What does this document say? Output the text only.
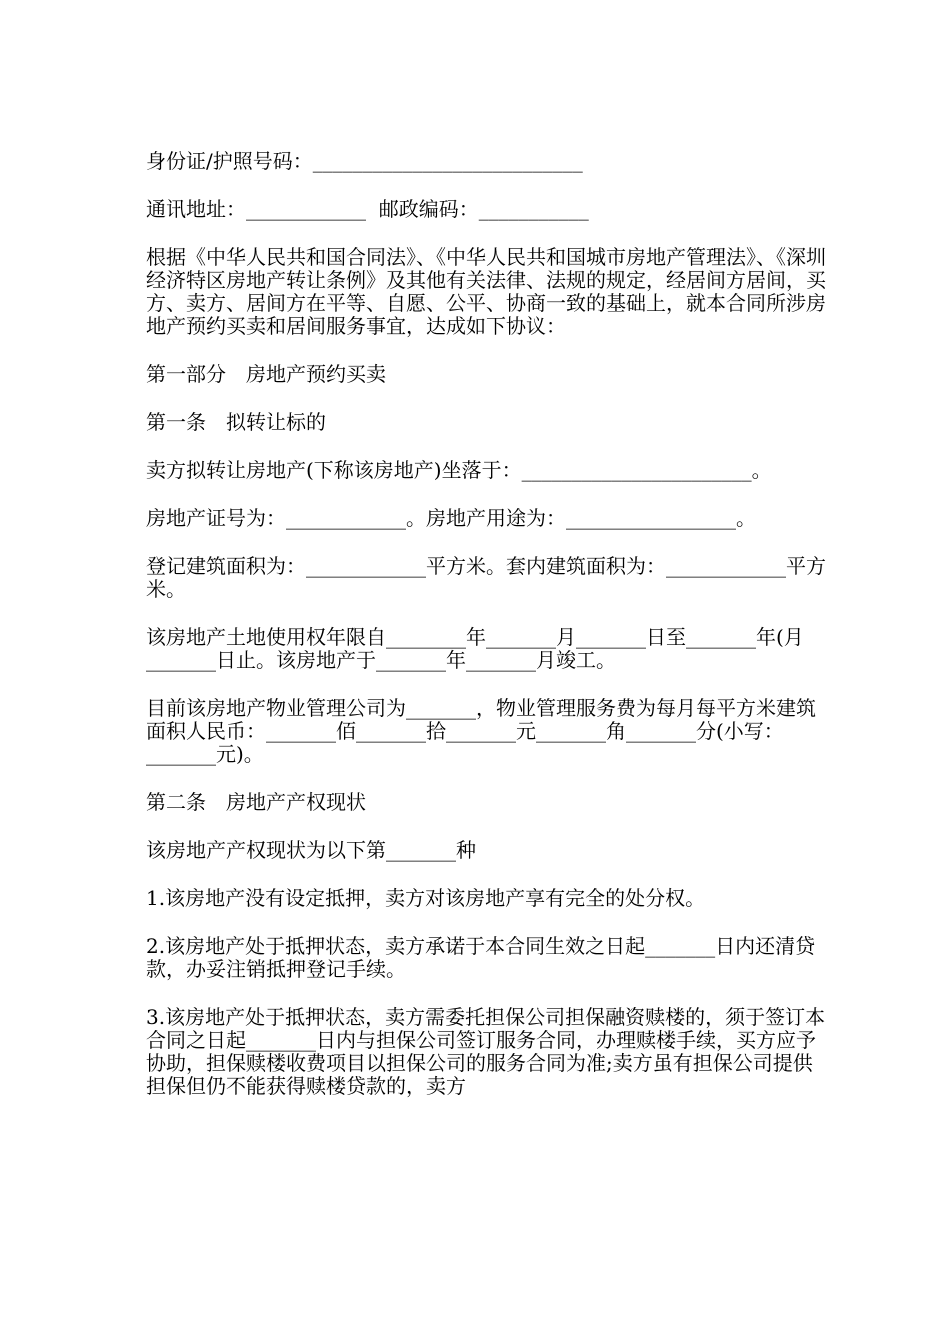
身份证/护照号码：___________________________

通讯地址：____________  邮政编码：___________

根据《中华人民共和国合同法》、《中华人民共和国城市房地产管理法》、《深圳经济特区房地产转让条例》及其他有关法律、法规的规定，经居间方居间，买方、卖方、居间方在平等、自愿、公平、协商一致的基础上，就本合同所涉房地产预约买卖和居间服务事宜，达成如下协议：

第一部分　房地产预约买卖

第一条　拟转让标的

卖方拟转让房地产(下称该房地产)坐落于：_______________________。

房地产证号为：____________。房地产用途为：_________________。

登记建筑面积为：____________平方米。套内建筑面积为：____________平方米。

该房地产土地使用权年限自________年_______月_______日至_______年(月_______日止。该房地产于_______年_______月竣工。

目前该房地产物业管理公司为_______，物业管理服务费为每月每平方米建筑面积人民币：_______佰_______拾_______元_______角_______分(小写：_______元)。

第二条　房地产产权现状

该房地产产权现状为以下第_______种

1.该房地产没有设定抵押，卖方对该房地产享有完全的处分权。

2.该房地产处于抵押状态，卖方承诺于本合同生效之日起_______日内还清贷款，办妥注销抵押登记手续。

3.该房地产处于抵押状态，卖方需委托担保公司担保融资赎楼的，须于签订本合同之日起_______日内与担保公司签订服务合同，办理赎楼手续，买方应予协助，担保赎楼收费项目以担保公司的服务合同为准;卖方虽有担保公司提供担保但仍不能获得赎楼贷款的，卖方
